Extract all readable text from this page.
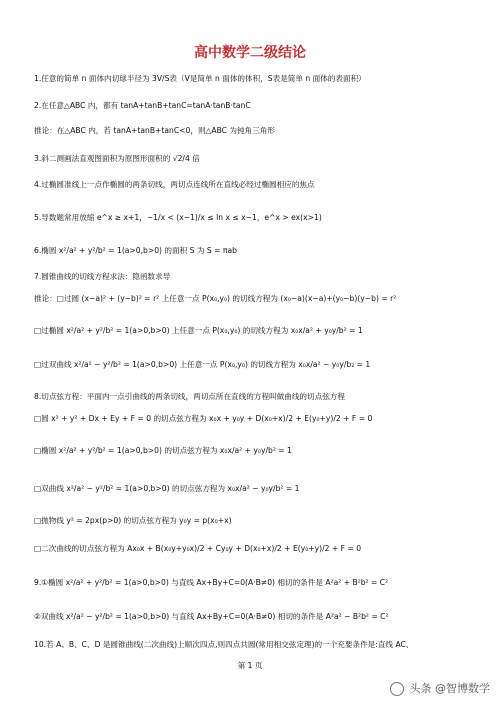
高中数学二级结论
1.任意的简单 n 面体内切球半径为 3V/S表（V是简单 n 面体的体积，S表是简单 n 面体的表面积）
2.在任意△ABC 内，都有 tanA+tanB+tanC=tanA·tanB·tanC
推论：在△ABC 内，若 tanA+tanB+tanC<0，则△ABC 为钝角三角形
3.斜二测画法直观图面积为原图形面积的 √2/4 倍
4.过椭圆准线上一点作椭圆的两条切线，两切点连线所在直线必经过椭圆相应的焦点
5.导数题常用放缩 e^x ≥ x+1，−1/x < (x−1)/x ≤ ln x ≤ x−1，e^x > ex(x>1)
6.椭圆 x²/a² + y²/b² = 1(a>0,b>0) 的面积 S 为 S = πab
7.圆锥曲线的切线方程求法：隐函数求导
推论：□过圆 (x−a)² + (y−b)² = r² 上任意一点 P(x₀,y₀) 的切线方程为 (x₀−a)(x−a)+(y₀−b)(y−b) = r²
□过椭圆 x²/a² + y²/b² = 1(a>0,b>0) 上任意一点 P(x₀,y₀) 的切线方程为 x₀x/a² + y₀y/b² = 1
□过双曲线 x²/a² − y²/b² = 1(a>0,b>0) 上任意一点 P(x₀,y₀) 的切线方程为 x₀x/a² − y₀y/b₂ = 1
8.切点弦方程：平面内一点引曲线的两条切线，两切点所在直线的方程叫做曲线的切点弦方程
□圆 x² + y² + Dx + Ey + F = 0 的切点弦方程为 x₀x + y₀y + D(x₀+x)/2 + E(y₀+y)/2 + F = 0
□椭圆 x²/a² + y²/b² = 1(a>0,b>0) 的切点弦方程为 x₀x/a² + y₀y/b² = 1
□双曲线 x²/a² − y²/b² = 1(a>0,b>0) 的切点弦方程为 x₀x/a² − y₀y/b² = 1
□抛物线 y² = 2px(p>0) 的切点弦方程为 y₀y = p(x₀+x)
□二次曲线的切点弦方程为 Ax₀x + B(x₀y+y₀x)/2 + Cy₀y + D(x₀+x)/2 + E(y₀+y)/2 + F = 0
9.①椭圆 x²/a² + y²/b² = 1(a>0,b>0) 与直线 Ax+By+C=0(A·B≠0) 相切的条件是 A²a² + B²b² = C²
②双曲线 x²/a² − y²/b² = 1(a>0,b>0) 与直线 Ax+By+C=0(A·B≠0) 相切的条件是 A²a² − B²b² = C²
10.若 A、B、C、D 是圆锥曲线(二次曲线)上顺次四点,则四点共圆(常用相交弦定理)的一个充要条件是:直线 AC、
第 1 页
头条 @智博数学
